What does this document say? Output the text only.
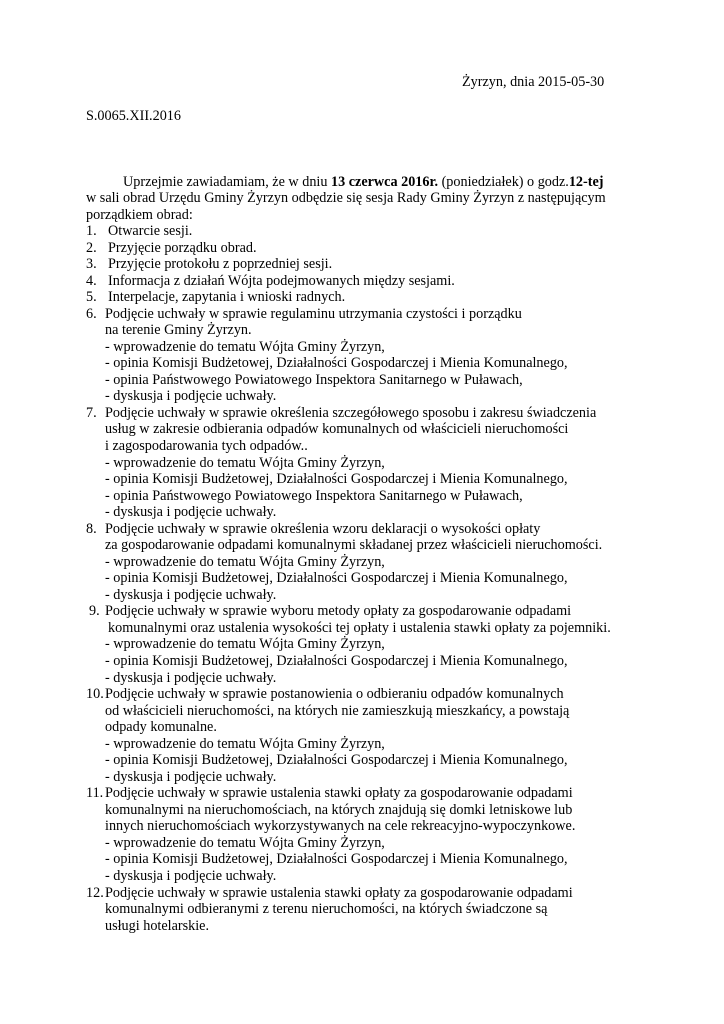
Żyrzyn, dnia 2015-05-30
S.0065.XII.2016
Uprzejmie zawiadamiam, że w dniu 13 czerwca 2016r. (poniedziałek) o godz.12-tej
w sali obrad Urzędu Gminy Żyrzyn odbędzie się sesja Rady Gminy Żyrzyn z następującym
porządkiem obrad:
1. Otwarcie sesji.
2. Przyjęcie porządku obrad.
3. Przyjęcie protokołu z poprzedniej sesji.
4. Informacja z działań Wójta podejmowanych między sesjami.
5. Interpelacje, zapytania i wnioski radnych.
6. Podjęcie uchwały w sprawie regulaminu utrzymania czystości i porządku
na terenie Gminy Żyrzyn.
- wprowadzenie do tematu Wójta Gminy Żyrzyn,
- opinia Komisji Budżetowej, Działalności Gospodarczej i Mienia Komunalnego,
- opinia Państwowego Powiatowego Inspektora Sanitarnego w Puławach,
- dyskusja i podjęcie uchwały.
7. Podjęcie uchwały w sprawie określenia szczegółowego sposobu i zakresu świadczenia
usług w zakresie odbierania odpadów komunalnych od właścicieli nieruchomości
i zagospodarowania tych odpadów..
- wprowadzenie do tematu Wójta Gminy Żyrzyn,
- opinia Komisji Budżetowej, Działalności Gospodarczej i Mienia Komunalnego,
- opinia Państwowego Powiatowego Inspektora Sanitarnego w Puławach,
- dyskusja i podjęcie uchwały.
8. Podjęcie uchwały w sprawie określenia wzoru deklaracji o wysokości opłaty
za gospodarowanie odpadami komunalnymi składanej przez właścicieli nieruchomości.
- wprowadzenie do tematu Wójta Gminy Żyrzyn,
- opinia Komisji Budżetowej, Działalności Gospodarczej i Mienia Komunalnego,
- dyskusja i podjęcie uchwały.
9. Podjęcie uchwały w sprawie wyboru metody opłaty za gospodarowanie odpadami
komunalnymi oraz ustalenia wysokości tej opłaty i ustalenia stawki opłaty za pojemniki.
- wprowadzenie do tematu Wójta Gminy Żyrzyn,
- opinia Komisji Budżetowej, Działalności Gospodarczej i Mienia Komunalnego,
- dyskusja i podjęcie uchwały.
10. Podjęcie uchwały w sprawie postanowienia o odbieraniu odpadów komunalnych
od właścicieli nieruchomości, na których nie zamieszkują mieszkańcy, a powstają
odpady komunalne.
- wprowadzenie do tematu Wójta Gminy Żyrzyn,
- opinia Komisji Budżetowej, Działalności Gospodarczej i Mienia Komunalnego,
- dyskusja i podjęcie uchwały.
11. Podjęcie uchwały w sprawie ustalenia stawki opłaty za gospodarowanie odpadami
komunalnymi na nieruchomościach, na których znajdują się domki letniskowe lub
innych nieruchomościach wykorzystywanych na cele rekreacyjno-wypoczynkowe.
- wprowadzenie do tematu Wójta Gminy Żyrzyn,
- opinia Komisji Budżetowej, Działalności Gospodarczej i Mienia Komunalnego,
- dyskusja i podjęcie uchwały.
12. Podjęcie uchwały w sprawie ustalenia stawki opłaty za gospodarowanie odpadami
komunalnymi odbieranymi z terenu nieruchomości, na których świadczone są
usługi hotelarskie.
